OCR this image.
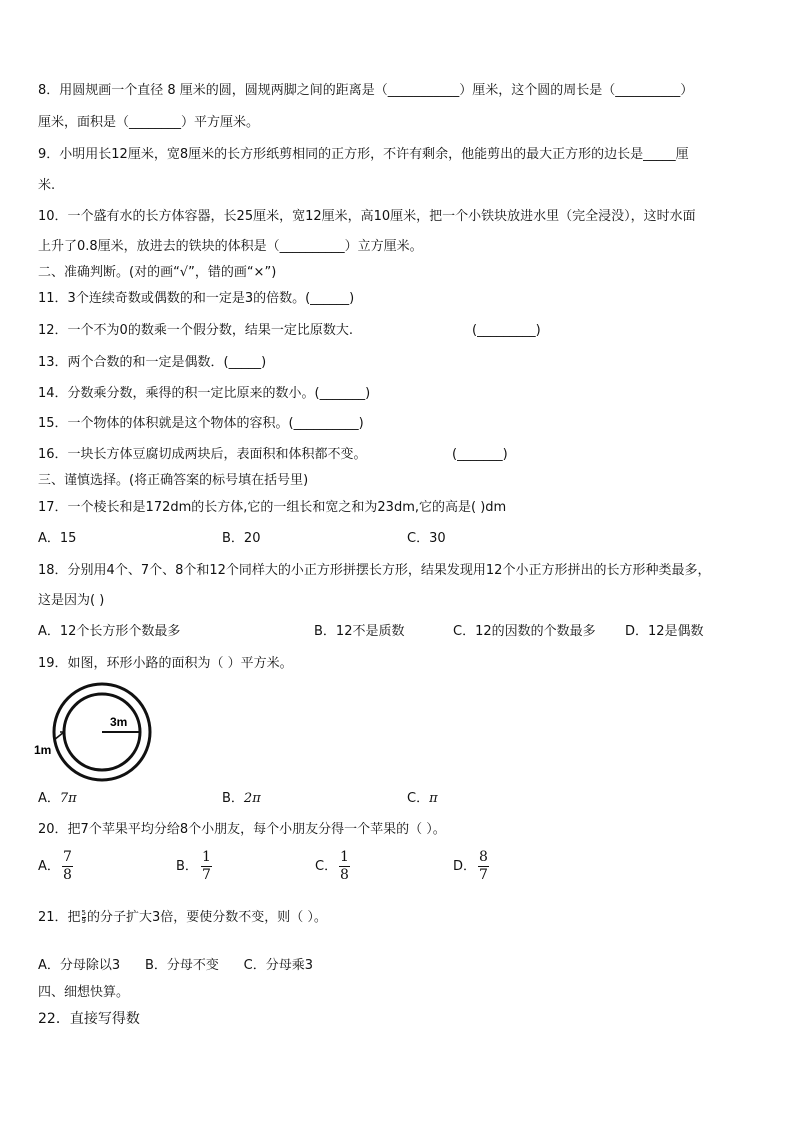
8．用圆规画一个直径 8 厘米的圆，圆规两脚之间的距离是（___________）厘米，这个圆的周长是（__________）
厘米，面积是（________）平方厘米。
9．小明用长12厘米，宽8厘米的长方形纸剪相同的正方形，不许有剩余，他能剪出的最大正方形的边长是_____厘
米.
10．一个盛有水的长方体容器，长25厘米，宽12厘米，高10厘米，把一个小铁块放进水里（完全浸没），这时水面
上升了0.8厘米，放进去的铁块的体积是（__________）立方厘米。
二、准确判断。(对的画“√”，错的画“×”)
11．3个连续奇数或偶数的和一定是3的倍数。(______)
12．一个不为0的数乘一个假分数，结果一定比原数大.	(_________)
13．两个合数的和一定是偶数．(_____)
14．分数乘分数，乘得的积一定比原来的数小。(_______)
15．一个物体的体积就是这个物体的容积。(__________)
16．一块长方体豆腐切成两块后，表面积和体积都不变。	(_______)
三、谨慎选择。(将正确答案的标号填在括号里)
17．一个棱长和是172dm的长方体,它的一组长和宽之和为23dm,它的高是( )dm
A．15	B．20	C．30
18．分别用4个、7个、8个和12个同样大的小正方形拼摆长方形，结果发现用12个小正方形拼出的长方形种类最多，
这是因为( )
A．12个长方形个数最多	B．12不是质数	C．12的因数的个数最多 D．12是偶数
19．如图，环形小路的面积为（ ）平方米。
3m
1m
A．7π	B．2π	C．π
20．把7个苹果平均分给8个小朋友，每个小朋友分得一个苹果的（ ）。
A． $\frac{7}{8}$	B． $\frac{1}{7}$	C． $\frac{1}{8}$	D． $\frac{8}{7}$
21．把 $\frac{5}{9}$ 的分子扩大3倍，要使分数不变，则（ ）。
A．分母除以3      B．分母不变      C．分母乘3
四、细想快算。
22．直接写得数
